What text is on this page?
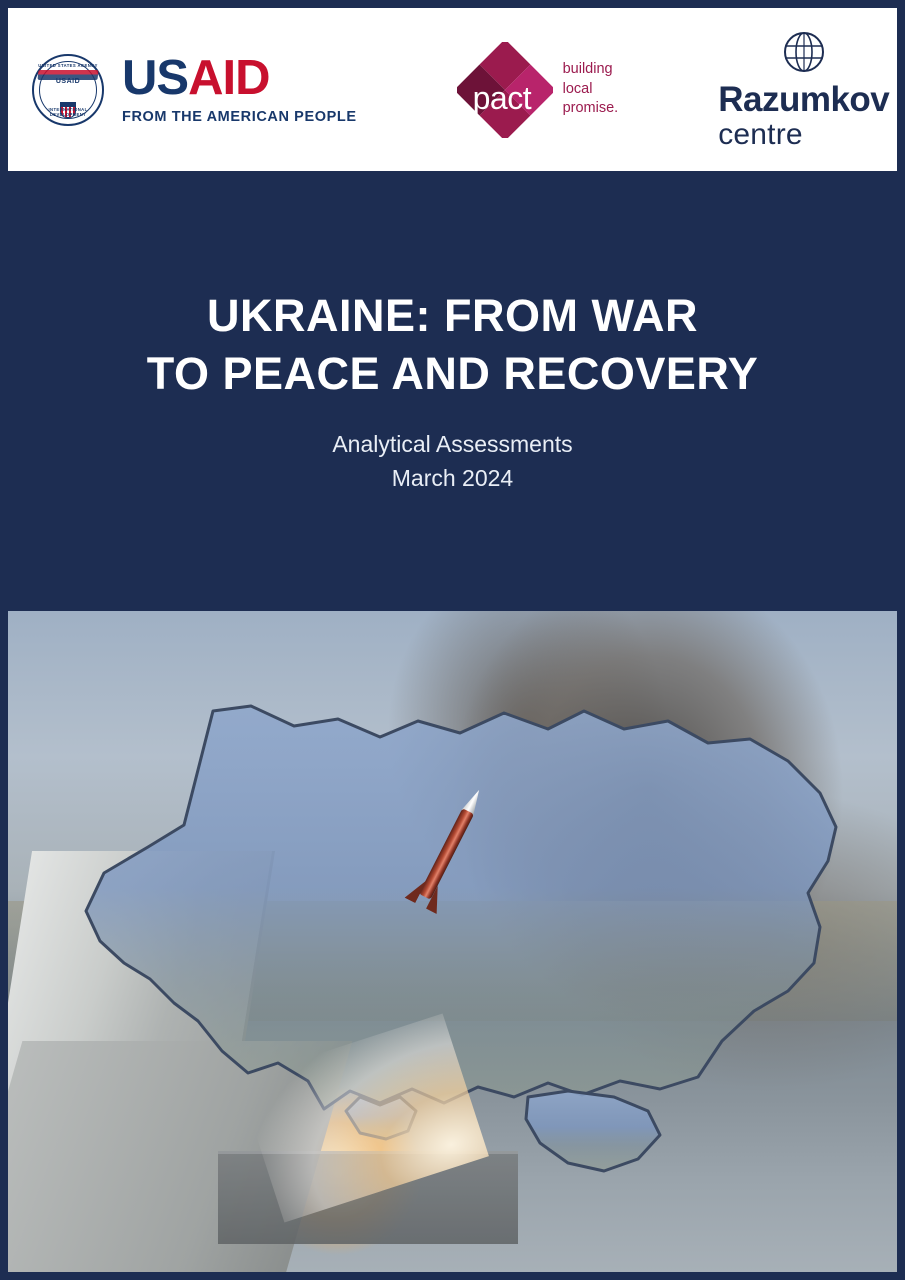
UNITED STATES AGENCY
USAID
INTERNATIONAL DEVELOPMENT
USAID
FROM THE AMERICAN PEOPLE
pact
building
local
promise.	Razumkov
centre
UKRAINE: FROM WAR
TO PEACE AND RECOVERY
Analytical Assessments
March 2024
